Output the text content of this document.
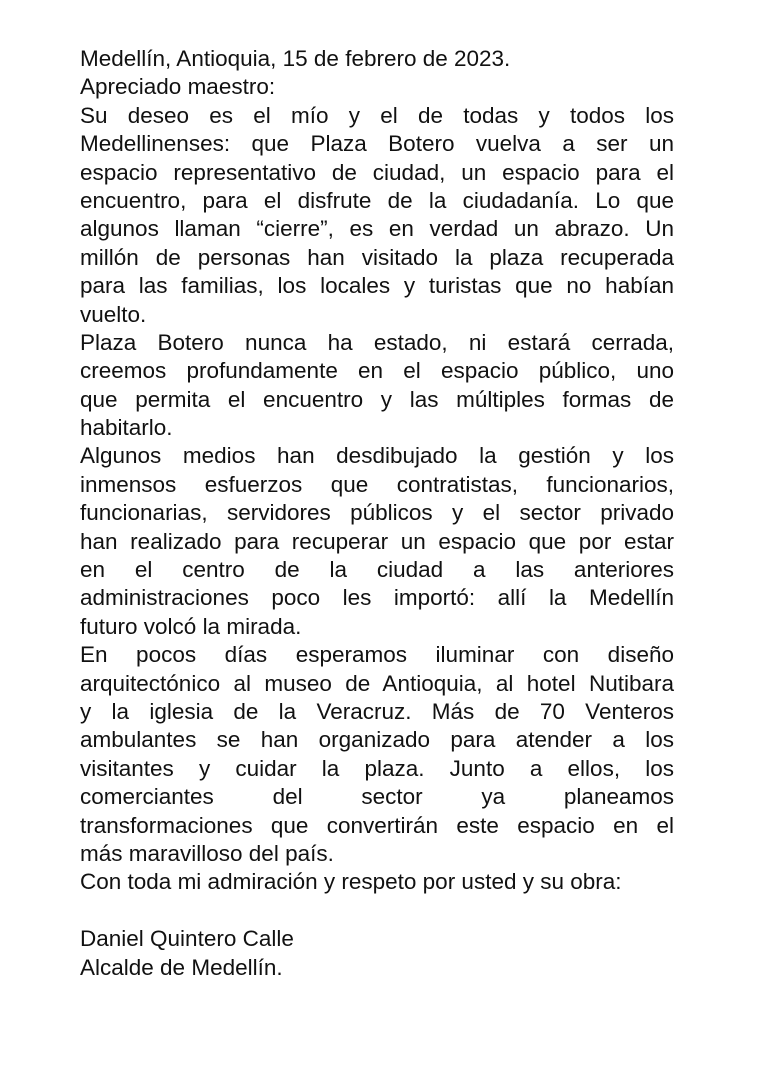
Medellín, Antioquia, 15 de febrero de 2023.
Apreciado maestro:
Su deseo es el mío y el de todas y todos los
Medellinenses: que Plaza Botero vuelva a ser un
espacio representativo de ciudad, un espacio para el
encuentro, para el disfrute de la ciudadanía. Lo que
algunos llaman “cierre”, es en verdad un abrazo. Un
millón de personas han visitado la plaza recuperada
para las familias, los locales y turistas que no habían
vuelto.
Plaza Botero nunca ha estado, ni estará cerrada,
creemos profundamente en el espacio público, uno
que permita el encuentro y las múltiples formas de
habitarlo.
Algunos medios han desdibujado la gestión y los
inmensos esfuerzos que contratistas, funcionarios,
funcionarias, servidores públicos y el sector privado
han realizado para recuperar un espacio que por estar
en el centro de la ciudad a las anteriores
administraciones poco les importó: allí la Medellín
futuro volcó la mirada.
En pocos días esperamos iluminar con diseño
arquitectónico al museo de Antioquia, al hotel Nutibara
y la iglesia de la Veracruz. Más de 70 Venteros
ambulantes se han organizado para atender a los
visitantes y cuidar la plaza. Junto a ellos, los
comerciantes del sector ya planeamos
transformaciones que convertirán este espacio en el
más maravilloso del país.
Con toda mi admiración y respeto por usted y su obra:
Daniel Quintero Calle
Alcalde de Medellín.
